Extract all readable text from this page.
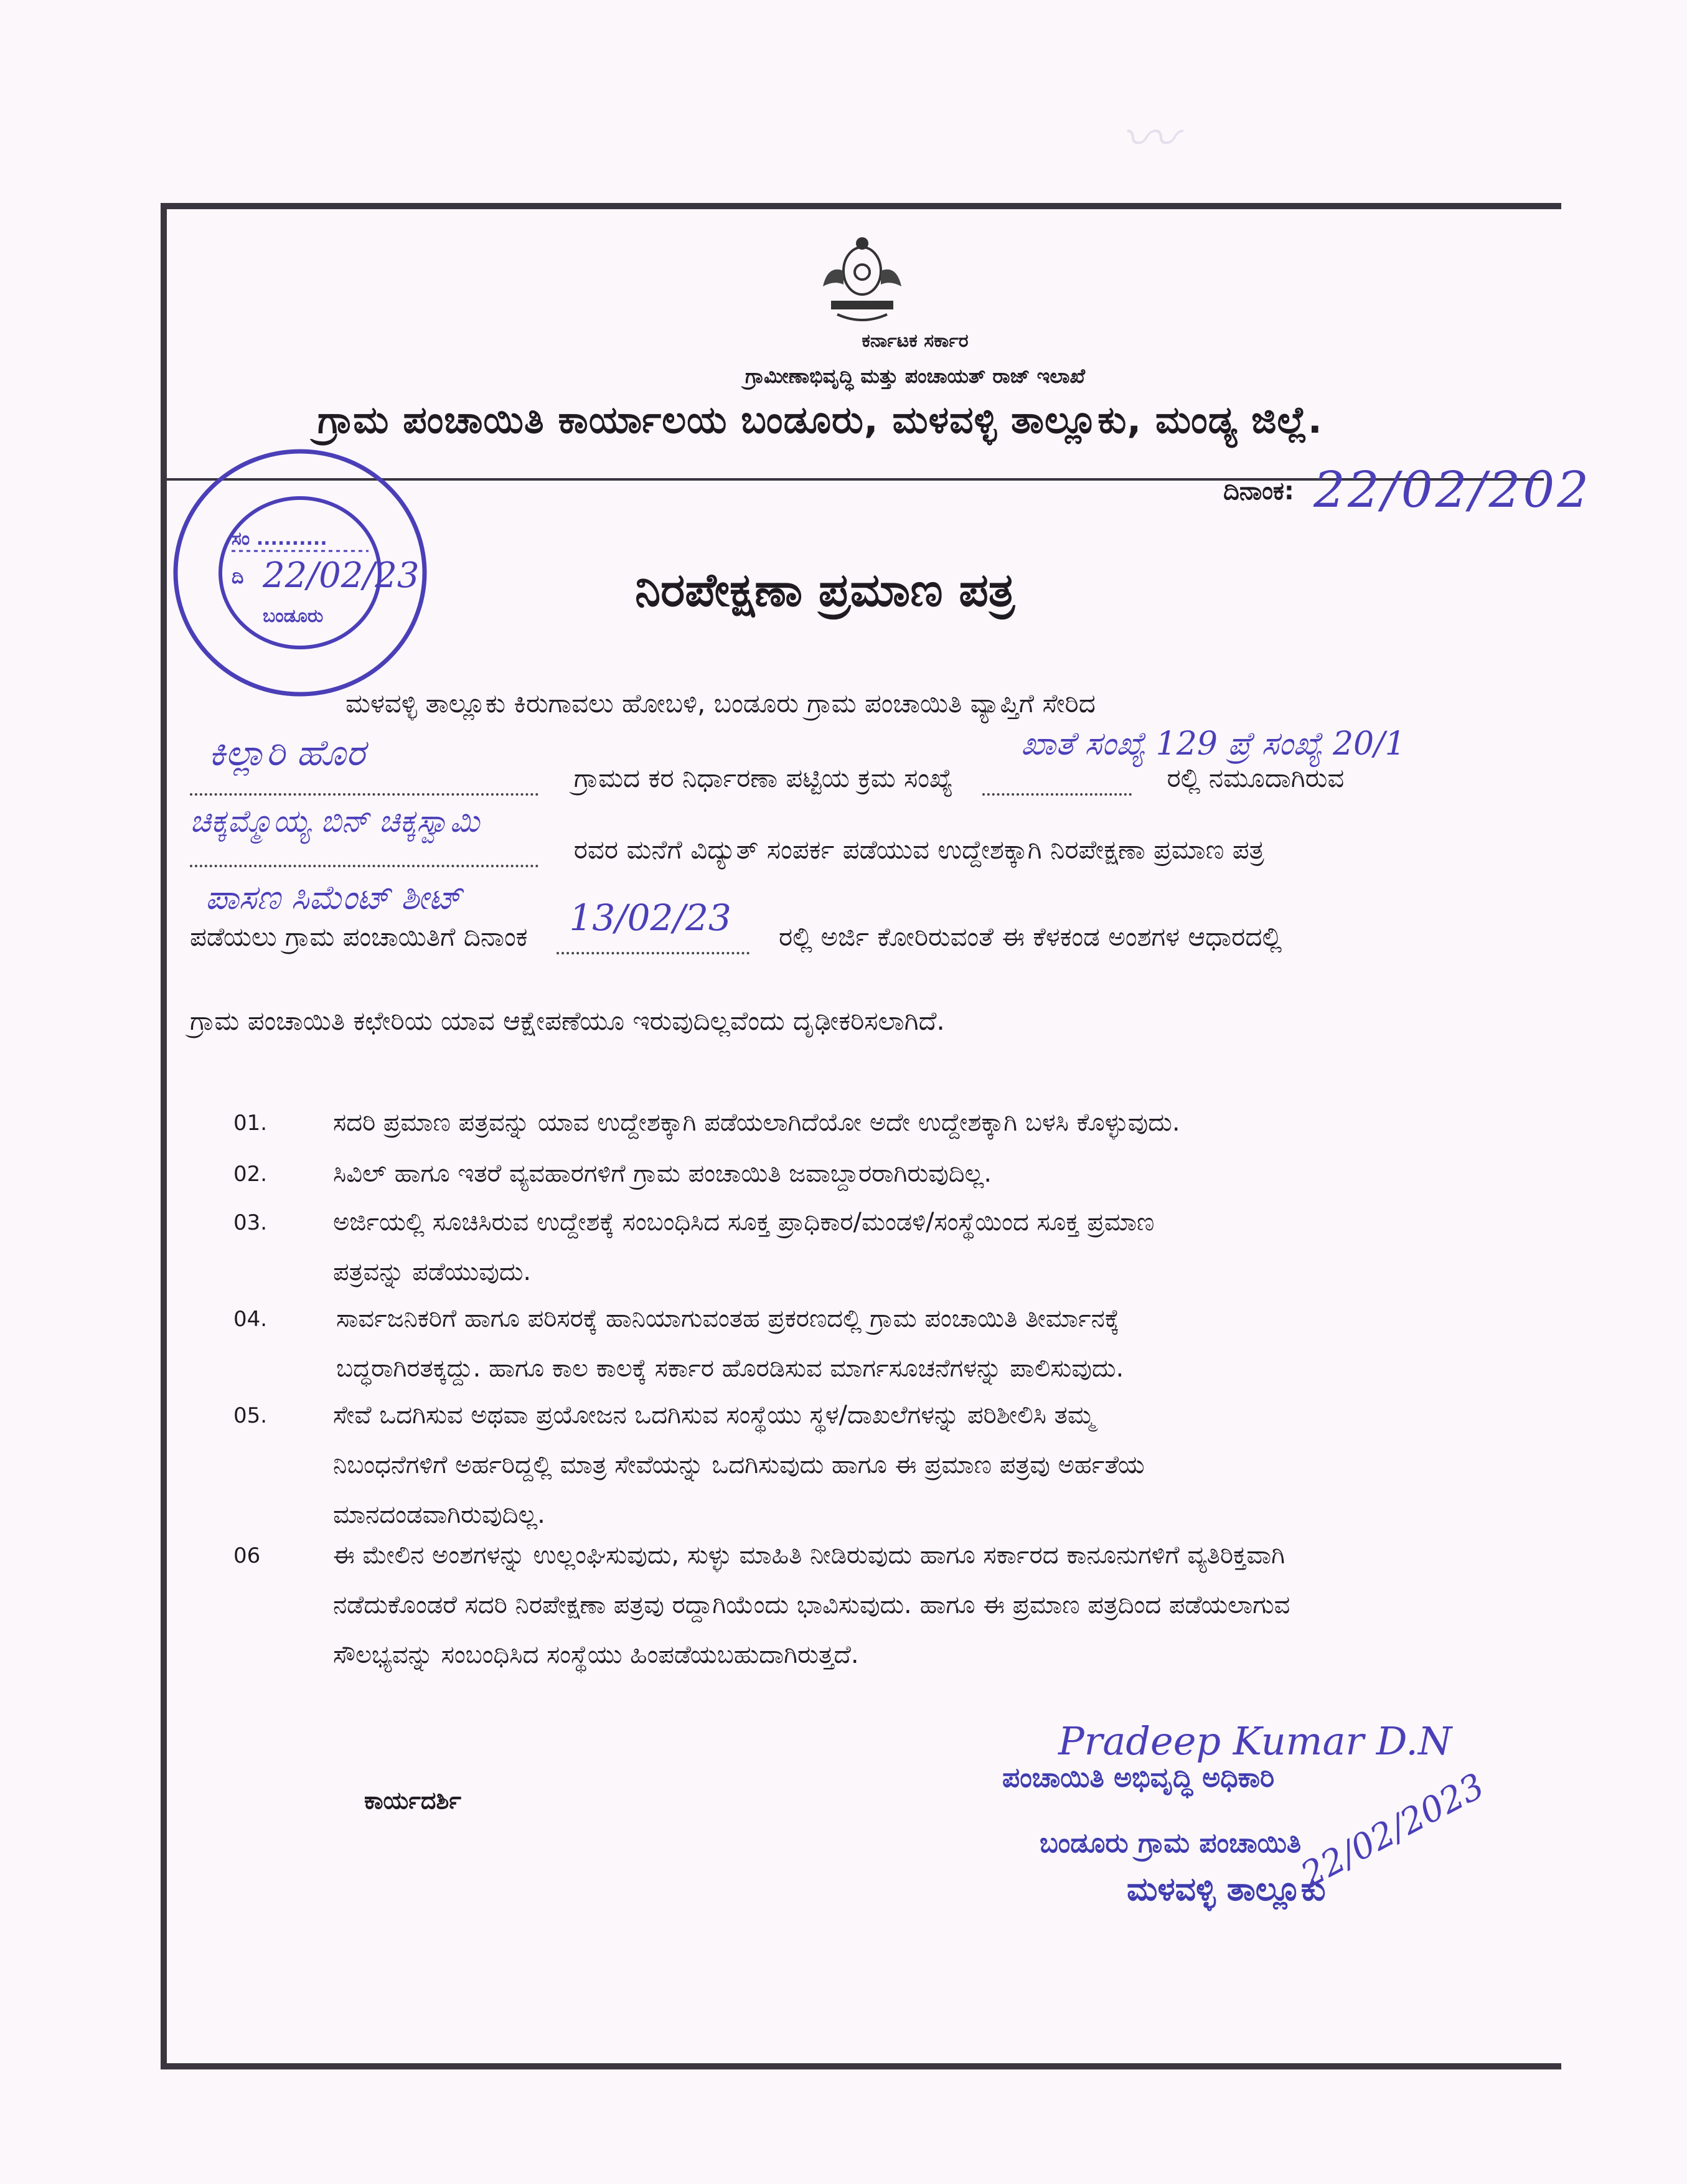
〰
ಕರ್ನಾಟಕ ಸರ್ಕಾರ
ಗ್ರಾಮೀಣಾಭಿವೃದ್ಧಿ ಮತ್ತು ಪಂಚಾಯತ್ ರಾಜ್ ಇಲಾಖೆ
ಗ್ರಾಮ ಪಂಚಾಯಿತಿ ಕಾರ್ಯಾಲಯ ಬಂಡೂರು, ಮಳವಳ್ಳಿ ತಾಲ್ಲೂಕು, ಮಂಡ್ಯ ಜಿಲ್ಲೆ.
ದಿನಾಂಕ: 22/02/202
ಸಂ ..........
ದಿ 22/02/23
ಬಂಡೂರು	ನಿರಪೇಕ್ಷಣಾ ಪ್ರಮಾಣ ಪತ್ರ
ಮಳವಳ್ಳಿ ತಾಲ್ಲೂಕು ಕಿರುಗಾವಲು ಹೋಬಳಿ, ಬಂಡೂರು ಗ್ರಾಮ ಪಂಚಾಯಿತಿ ವ್ಯಾಪ್ತಿಗೆ ಸೇರಿದ
ಕಿಲ್ಲಾರಿ ಹೊರ
ಗ್ರಾಮದ ಕರ ನಿರ್ಧಾರಣಾ ಪಟ್ಟಿಯ ಕ್ರಮ ಸಂಖ್ಯೆ	ರಲ್ಲಿ ನಮೂದಾಗಿರುವ
ಖಾತೆ ಸಂಖ್ಯೆ 129 ಪ್ರೆ ಸಂಖ್ಯೆ 20/1
ಚಿಕ್ಕಮ್ಮೊಯ್ಯ ಬಿನ್ ಚಿಕ್ಕಸ್ವಾಮಿ
ರವರ ಮನೆಗೆ ವಿದ್ಯುತ್ ಸಂಪರ್ಕ ಪಡೆಯುವ ಉದ್ದೇಶಕ್ಕಾಗಿ ನಿರಪೇಕ್ಷಣಾ ಪ್ರಮಾಣ ಪತ್ರ
ಪಾಸಣ ಸಿಮೆಂಟ್ ಶೀಟ್
ಪಡೆಯಲು ಗ್ರಾಮ ಪಂಚಾಯಿತಿಗೆ ದಿನಾಂಕ 13/02/23 ರಲ್ಲಿ ಅರ್ಜಿ ಕೋರಿರುವಂತೆ ಈ ಕೆಳಕಂಡ ಅಂಶಗಳ ಆಧಾರದಲ್ಲಿ
ಗ್ರಾಮ ಪಂಚಾಯಿತಿ ಕಛೇರಿಯ ಯಾವ ಆಕ್ಷೇಪಣೆಯೂ ಇರುವುದಿಲ್ಲವೆಂದು ದೃಢೀಕರಿಸಲಾಗಿದೆ.
01.	ಸದರಿ ಪ್ರಮಾಣ ಪತ್ರವನ್ನು ಯಾವ ಉದ್ದೇಶಕ್ಕಾಗಿ ಪಡೆಯಲಾಗಿದೆಯೋ ಅದೇ ಉದ್ದೇಶಕ್ಕಾಗಿ ಬಳಸಿ ಕೊಳ್ಳುವುದು.
02.	ಸಿವಿಲ್ ಹಾಗೂ ಇತರೆ ವ್ಯವಹಾರಗಳಿಗೆ ಗ್ರಾಮ ಪಂಚಾಯಿತಿ ಜವಾಬ್ದಾರರಾಗಿರುವುದಿಲ್ಲ.
03.	ಅರ್ಜಿಯಲ್ಲಿ ಸೂಚಿಸಿರುವ ಉದ್ದೇಶಕ್ಕೆ ಸಂಬಂಧಿಸಿದ ಸೂಕ್ತ ಪ್ರಾಧಿಕಾರ/ಮಂಡಳಿ/ಸಂಸ್ಥೆಯಿಂದ ಸೂಕ್ತ ಪ್ರಮಾಣ
ಪತ್ರವನ್ನು ಪಡೆಯುವುದು.
04.	ಸಾರ್ವಜನಿಕರಿಗೆ ಹಾಗೂ ಪರಿಸರಕ್ಕೆ ಹಾನಿಯಾಗುವಂತಹ ಪ್ರಕರಣದಲ್ಲಿ ಗ್ರಾಮ ಪಂಚಾಯಿತಿ ತೀರ್ಮಾನಕ್ಕೆ
ಬದ್ಧರಾಗಿರತಕ್ಕದ್ದು. ಹಾಗೂ ಕಾಲ ಕಾಲಕ್ಕೆ ಸರ್ಕಾರ ಹೊರಡಿಸುವ ಮಾರ್ಗಸೂಚನೆಗಳನ್ನು ಪಾಲಿಸುವುದು.
05.	ಸೇವೆ ಒದಗಿಸುವ ಅಥವಾ ಪ್ರಯೋಜನ ಒದಗಿಸುವ ಸಂಸ್ಥೆಯು ಸ್ಥಳ/ದಾಖಲೆಗಳನ್ನು ಪರಿಶೀಲಿಸಿ ತಮ್ಮ
ನಿಬಂಧನೆಗಳಿಗೆ ಅರ್ಹರಿದ್ದಲ್ಲಿ ಮಾತ್ರ ಸೇವೆಯನ್ನು ಒದಗಿಸುವುದು ಹಾಗೂ ಈ ಪ್ರಮಾಣ ಪತ್ರವು ಅರ್ಹತೆಯ
ಮಾನದಂಡವಾಗಿರುವುದಿಲ್ಲ.
06	ಈ ಮೇಲಿನ ಅಂಶಗಳನ್ನು ಉಲ್ಲಂಘಿಸುವುದು, ಸುಳ್ಳು ಮಾಹಿತಿ ನೀಡಿರುವುದು ಹಾಗೂ ಸರ್ಕಾರದ ಕಾನೂನುಗಳಿಗೆ ವ್ಯತಿರಿಕ್ತವಾಗಿ
ನಡೆದುಕೊಂಡರೆ ಸದರಿ ನಿರಪೇಕ್ಷಣಾ ಪತ್ರವು ರದ್ದಾಗಿಯೆಂದು ಭಾವಿಸುವುದು. ಹಾಗೂ ಈ ಪ್ರಮಾಣ ಪತ್ರದಿಂದ ಪಡೆಯಲಾಗುವ
ಸೌಲಭ್ಯವನ್ನು ಸಂಬಂಧಿಸಿದ ಸಂಸ್ಥೆಯು ಹಿಂಪಡೆಯಬಹುದಾಗಿರುತ್ತದೆ.
Pradeep Kumar D.N
ಪಂಚಾಯಿತಿ ಅಭಿವೃದ್ಧಿ ಅಧಿಕಾರಿ
ಬಂಡೂರು ಗ್ರಾಮ ಪಂಚಾಯಿತಿ
ಮಳವಳ್ಳಿ ತಾಲ್ಲೂಕು
22/02/2023
ಕಾರ್ಯದರ್ಶಿ
